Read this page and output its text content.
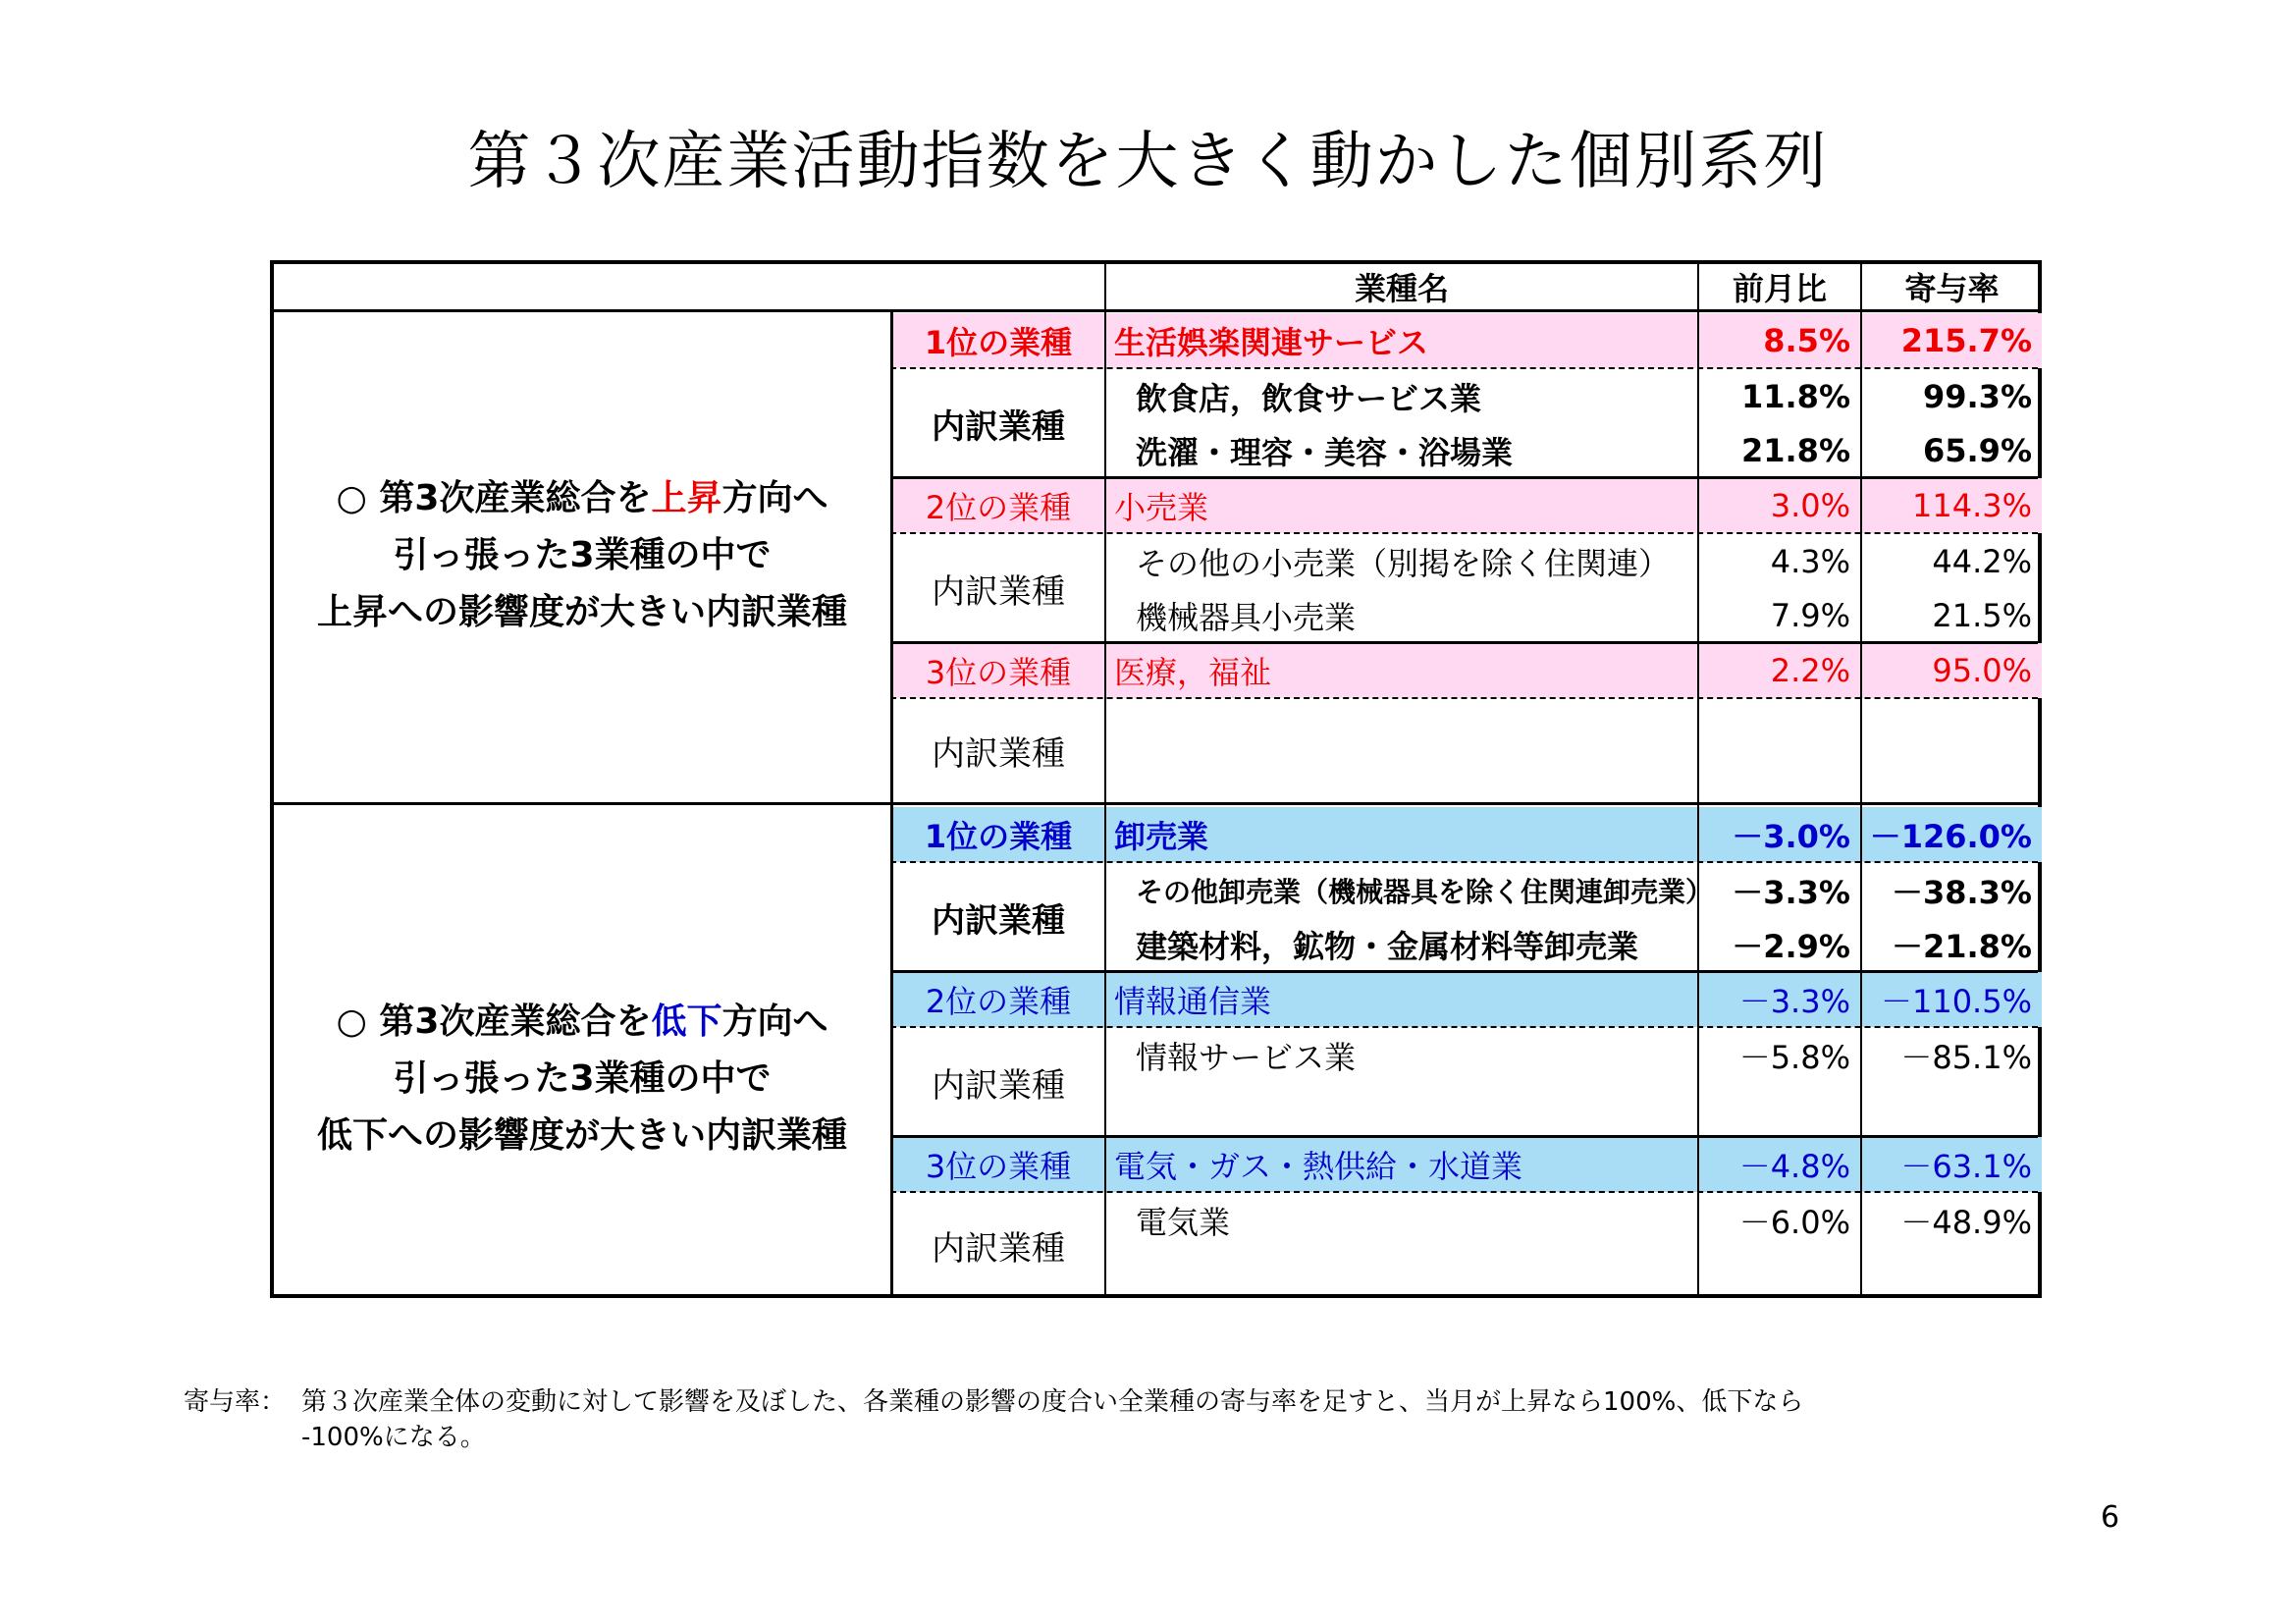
第３次産業活動指数を大きく動かした個別系列
業種名	前月比	寄与率
○ 第3次産業総合を上昇方向へ
引っ張った3業種の中で
上昇への影響度が大きい内訳業種
1位の業種	生活娯楽関連サービス	8.5%	215.7%
内訳業種
飲食店，飲食サービス業	11.8%	99.3%
洗濯・理容・美容・浴場業	21.8%	65.9%
2位の業種	小売業	3.0%	114.3%
内訳業種
その他の小売業（別掲を除く住関連）	4.3%	44.2%
機械器具小売業	7.9%	21.5%
3位の業種	医療，福祉	2.2%	95.0%
内訳業種
○ 第3次産業総合を低下方向へ
引っ張った3業種の中で
低下への影響度が大きい内訳業種
1位の業種	卸売業	－3.0% －126.0%
内訳業種
その他卸売業（機械器具を除く住関連卸売業） －3.3%	－38.3%
建築材料，鉱物・金属材料等卸売業	－2.9%	－21.8%
2位の業種	情報通信業	－3.3% －110.5%
内訳業種
情報サービス業	－5.8%	－85.1%
3位の業種	電気・ガス・熱供給・水道業	－4.8%	－63.1%
内訳業種
電気業	－6.0%	－48.9%
寄与率： 第３次産業全体の変動に対して影響を及ぼした、各業種の影響の度合い全業種の寄与率を足すと、当月が上昇なら100%、低下なら
-100%になる。
6
